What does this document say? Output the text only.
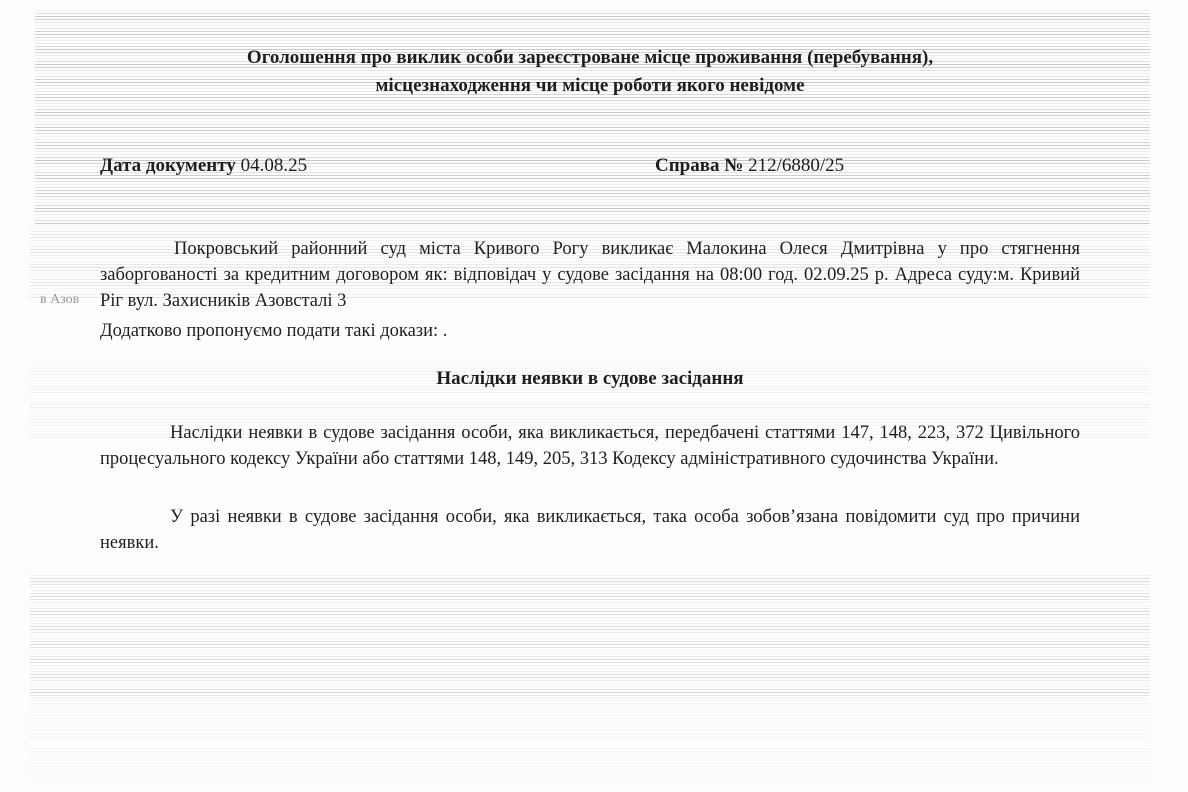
Оголошення про виклик особи зареєстроване місце проживання (перебування),
місцезнаходження чи місце роботи якого невідоме
Дата документу 04.08.25	Справа № 212/6880/25
Покровський районний суд міста Кривого Рогу викликає Малокина Олеся Дмитрівна у про стягнення заборгованості за кредитним договором як: відповідач у судове засідання на 08:00 год. 02.09.25 р. Адреса суду:м. Кривий Ріг вул. Захисників Азовсталі 3
Додатково пропонуємо подати такі докази: .
Наслідки неявки в судове засідання
Наслідки неявки в судове засідання особи, яка викликається, передбачені статтями 147, 148, 223, 372 Цивільного процесуального кодексу України або статтями 148, 149, 205, 313 Кодексу адміністративного судочинства України.
У разі неявки в судове засідання особи, яка викликається, така особа зобов’язана повідомити суд про причини неявки.
в Азов
